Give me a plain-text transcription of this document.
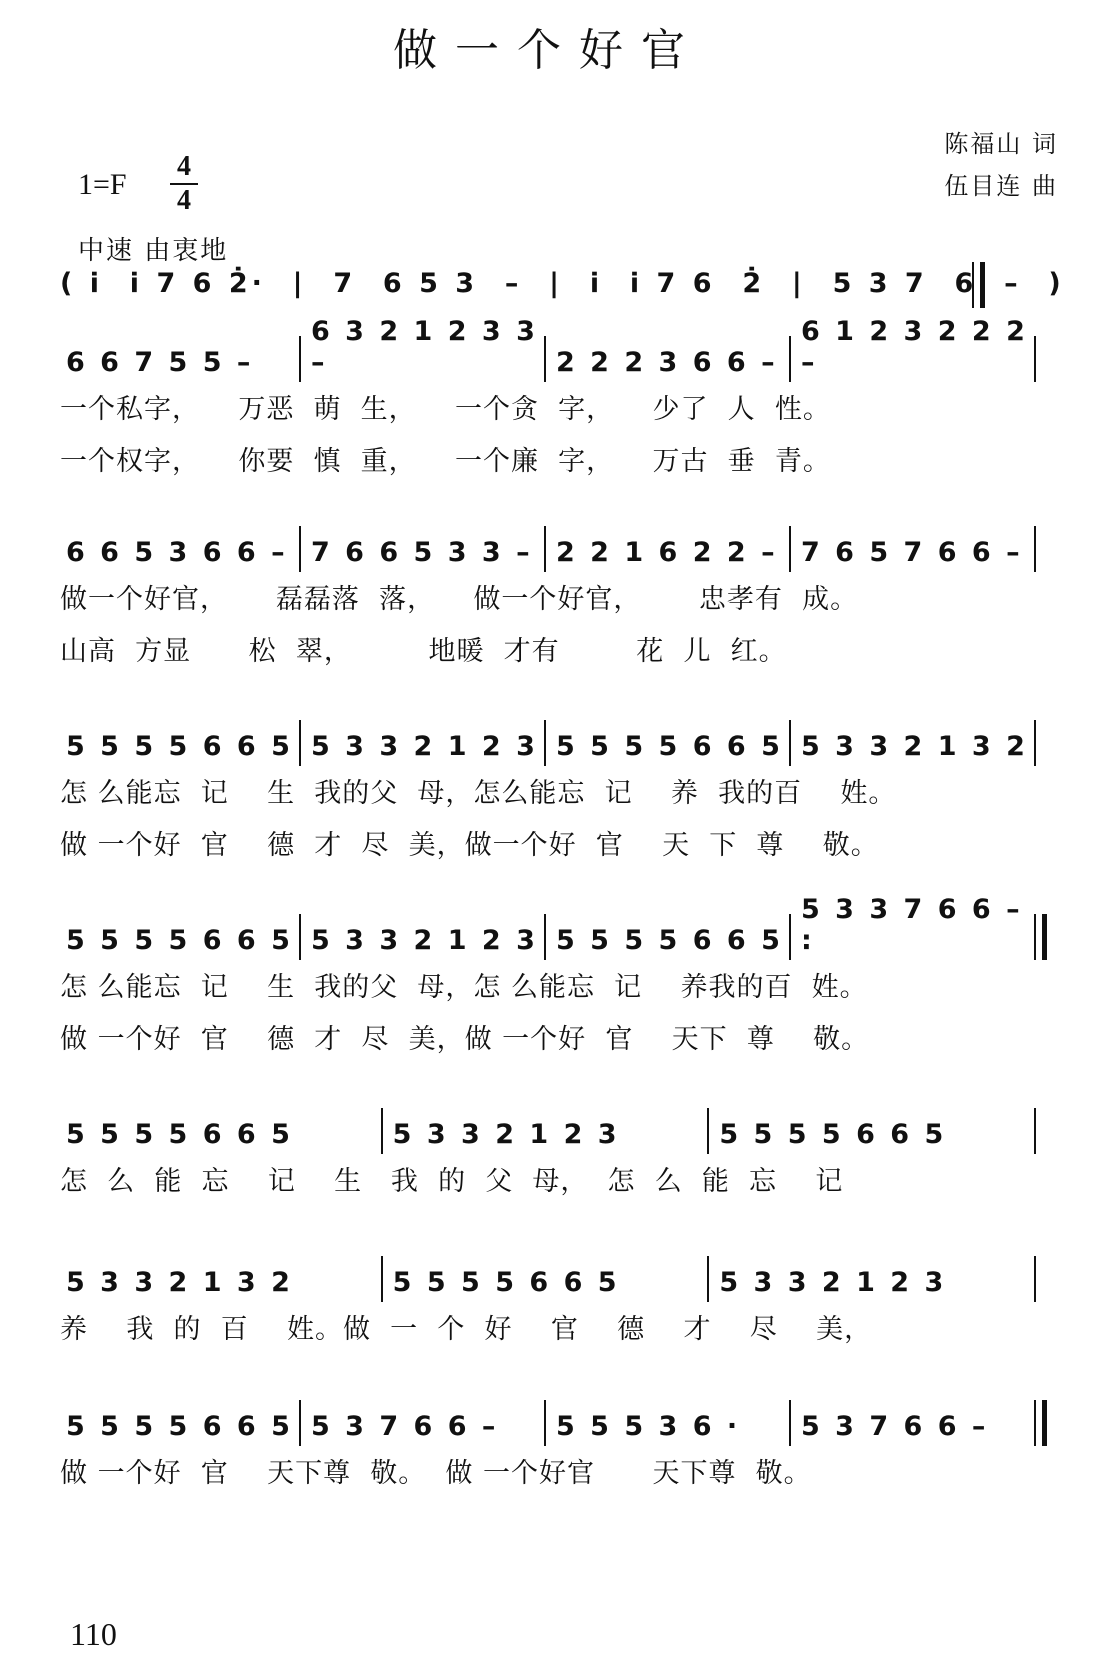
做一个好官
陈福山 词
伍目连 曲
1=F
4
4
中速 由衷地
( i̇  i̇ 7 6 2̇·  |  7  6 5 3  –  |  i̇  i̇ 7 6  2̇  |  5 3 7  6  –  )
6 6 7 5 5 –
6 3 2 1 2 3 3 –	2 2 2 3 6 6 –
6 1 2 3 2 2 2 –
一个私字，    万恶  萌  生，    一个贪  字，    少了  人  性。
一个权字，    你要  慎  重，    一个廉  字，    万古  垂  青。
6 6 5 3 6 6 – 7 6 6 5 3 3 – 2 2 1 6 2 2 – 7 6 5 7 6 6 –
做一个好官，     磊磊落  落，    做一个好官，      忠孝有  成。
山高  方显      松  翠，        地暖  才有        花  儿  红。
5 5 5 5 6 6 5 5 3 3 2 1 2 3 5 5 5 5 6 6 5 5 3 3 2 1 3 2
怎 么能忘  记    生  我的父  母，怎么能忘  记    养  我的百    姓。
做 一个好  官    德  才  尽  美，做一个好  官    天  下  尊    敬。
5 5 5 5 6 6 5 5 3 3 2 1 2 3 5 5 5 5 6 6 5
5 3 3 7 6 6 – :
怎 么能忘  记    生  我的父  母，怎 么能忘  记    养我的百  姓。
做 一个好  官    德  才  尽  美，做 一个好  官    天下  尊    敬。
5 5 5 5 6 6 5	5 3 3 2 1 2 3	5 5 5 5 6 6 5
怎  么  能  忘    记    生   我  的  父  母，  怎  么  能  忘    记
5 3 3 2 1 3 2	5 5 5 5 6 6 5	5 3 3 2 1 2 3
养    我  的  百    姓。做  一  个  好    官    德    才    尽    美，
5 5 5 5 6 6 5 5 3 7 6 6 – 5 5 5 3 6 · 5 3 7 6 6 –
做 一个好  官    天下尊  敬。  做 一个好官      天下尊  敬。
110
